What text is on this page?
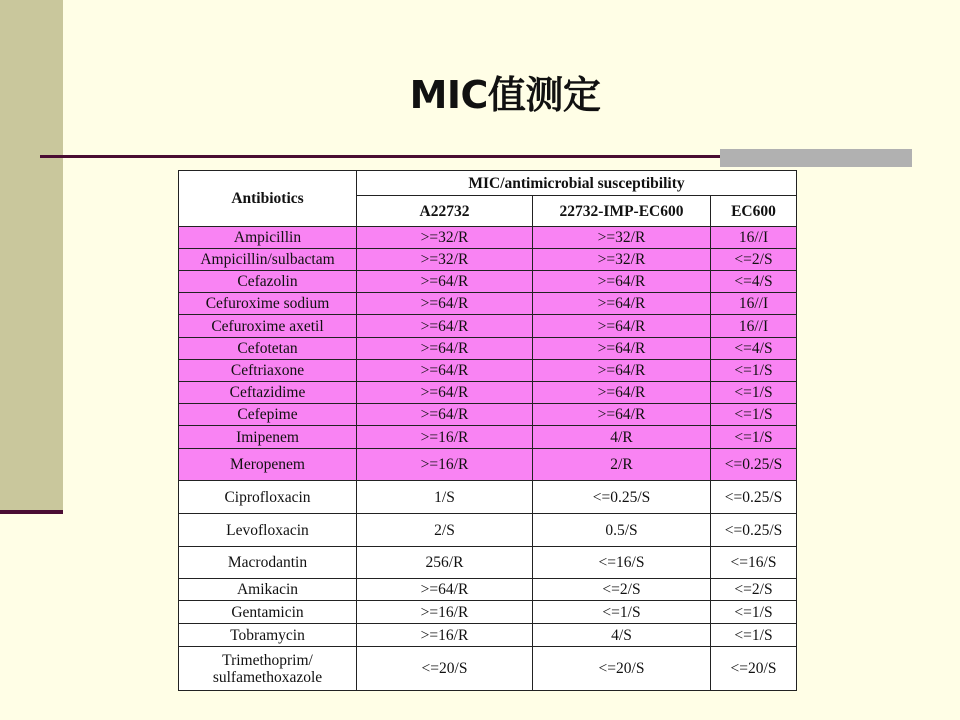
MIC值测定
Antibiotics	MIC/antimicrobial susceptibility		
	A22732	22732-IMP-EC600	EC600
Ampicillin	>=32/R	>=32/R	16//I
Ampicillin/sulbactam	>=32/R	>=32/R	<=2/S
Cefazolin	>=64/R	>=64/R	<=4/S
Cefuroxime sodium	>=64/R	>=64/R	16//I
Cefuroxime axetil	>=64/R	>=64/R	16//I
Cefotetan	>=64/R	>=64/R	<=4/S
Ceftriaxone	>=64/R	>=64/R	<=1/S
Ceftazidime	>=64/R	>=64/R	<=1/S
Cefepime	>=64/R	>=64/R	<=1/S
Imipenem	>=16/R	4/R	<=1/S
Meropenem	>=16/R	2/R	<=0.25/S
Ciprofloxacin	1/S	<=0.25/S	<=0.25/S
Levofloxacin	2/S	0.5/S	<=0.25/S
Macrodantin	256/R	<=16/S	<=16/S
Amikacin	>=64/R	<=2/S	<=2/S
Gentamicin	>=16/R	<=1/S	<=1/S
Tobramycin	>=16/R	4/S	<=1/S
Trimethoprim/
sulfamethoxazole	<=20/S	<=20/S	<=20/S
